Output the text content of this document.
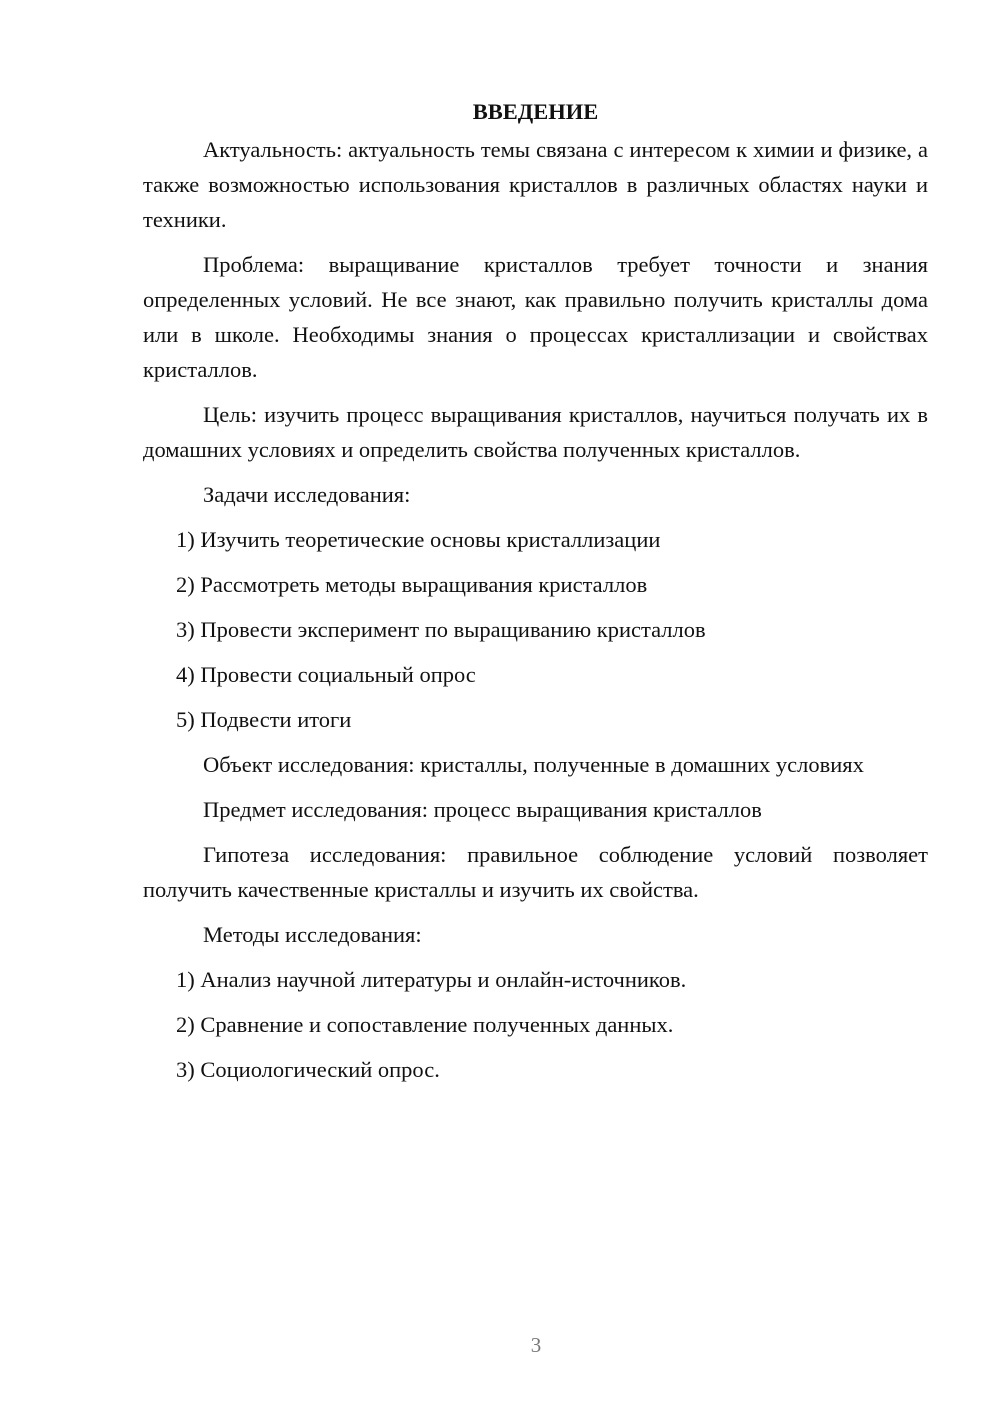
ВВЕДЕНИЕ

Актуальность: актуальность темы связана с интересом к химии и физике, а также возможностью использования кристаллов в различных областях науки и техники.

Проблема: выращивание кристаллов требует точности и знания определенных условий. Не все знают, как правильно получить кристаллы дома или в школе. Необходимы знания о процессах кристаллизации и свойствах кристаллов.

Цель: изучить процесс выращивания кристаллов, научиться получать их в домашних условиях и определить свойства полученных кристаллов.

Задачи исследования:

1) Изучить теоретические основы кристаллизации
2) Рассмотреть методы выращивания кристаллов
3) Провести эксперимент по выращиванию кристаллов
4) Провести социальный опрос
5) Подвести итоги

Объект исследования: кристаллы, полученные в домашних условиях

Предмет исследования: процесс выращивания кристаллов

Гипотеза исследования: правильное соблюдение условий позволяет получить качественные кристаллы и изучить их свойства.

Методы исследования:

1) Анализ научной литературы и онлайн-источников.
2) Сравнение и сопоставление полученных данных.
3) Социологический опрос.
3
